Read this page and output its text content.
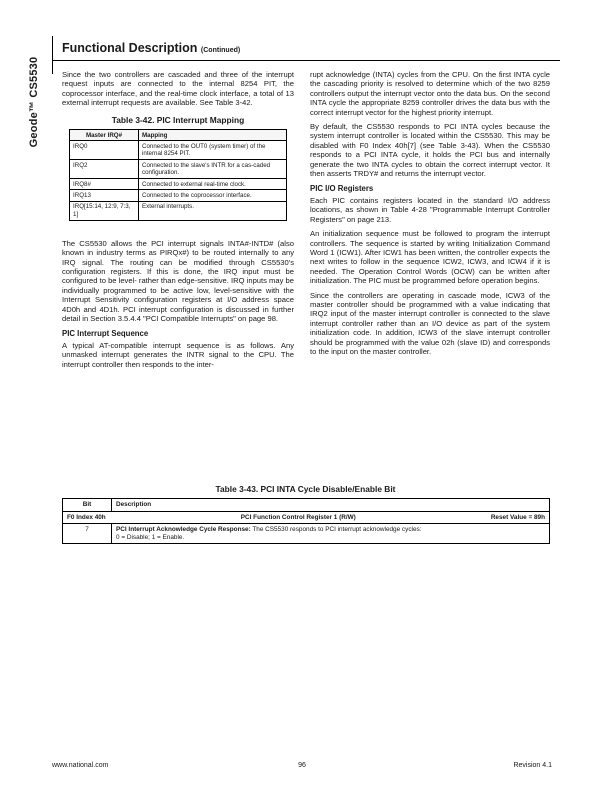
Geode™ CS5530
Functional Description (Continued)

Since the two controllers are cascaded and three of the interrupt request inputs are connected to the internal 8254 PIT, the coprocessor interface, and the real-time clock interface, a total of 13 external interrupt requests are available. See Table 3-42.

Table 3-42. PIC Interrupt Mapping
Master IRQ#	Mapping
IRQ0	Connected to the OUT0 (system timer) of the internal 8254 PIT.
IRQ2	Connected to the slave's INTR for a cas-caded configuration.
IRQ8#	Connected to external real-time clock.
IRQ13	Connected to the coprocessor interface.
IRQ[15:14, 12:9, 7:3, 1]	External interrupts.

The CS5530 allows the PCI interrupt signals INTA#-INTD# (also known in industry terms as PIRQx#) to be routed internally to any IRQ signal. The routing can be modified through CS5530's configuration registers. If this is done, the IRQ input must be configured to be level- rather than edge-sensitive. IRQ inputs may be individually programmed to be active low, level-sensitive with the Interrupt Sensitivity configuration registers at I/O address space 4D0h and 4D1h. PCI interrupt configuration is discussed in further detail in Section 3.5.4.4 "PCI Compatible Interrupts" on page 98.

PIC Interrupt Sequence

A typical AT-compatible interrupt sequence is as follows. Any unmasked interrupt generates the INTR signal to the CPU. The interrupt controller then responds to the inter-

rupt acknowledge (INTA) cycles from the CPU. On the first INTA cycle the cascading priority is resolved to determine which of the two 8259 controllers output the interrupt vector onto the data bus. On the second INTA cycle the appropriate 8259 controller drives the data bus with the correct interrupt vector for the highest priority interrupt.

By default, the CS5530 responds to PCI INTA cycles because the system interrupt controller is located within the CS5530. This may be disabled with F0 Index 40h[7] (see Table 3-43). When the CS5530 responds to a PCI INTA cycle, it holds the PCI bus and internally generate the two INTA cycles to obtain the correct interrupt vector. It then asserts TRDY# and returns the interrupt vector.

PIC I/O Registers

Each PIC contains registers located in the standard I/O address locations, as shown in Table 4-28 "Programmable Interrupt Controller Registers" on page 213.

An initialization sequence must be followed to program the interrupt controllers. The sequence is started by writing Initialization Command Word 1 (ICW1). After ICW1 has been written, the controller expects the next writes to follow in the sequence ICW2, ICW3, and ICW4 if it is needed. The Operation Control Words (OCW) can be written after initialization. The PIC must be programmed before operation begins.

Since the controllers are operating in cascade mode, ICW3 of the master controller should be programmed with a value indicating that IRQ2 input of the master interrupt controller is connected to the slave interrupt controller rather than an I/O device as part of the system initialization code. In addition, ICW3 of the slave interrupt controller should be programmed with the value 02h (slave ID) and corresponds to the input on the master controller.

Table 3-43. PCI INTA Cycle Disable/Enable Bit
Bit	Description

F0 Index 40h PCI Function Control Register 1 (R/W) Reset Value = 89h	

7	PCI Interrupt Acknowledge Cycle Response: The CS5530 responds to PCI interrupt acknowledge cycles:
0 = Disable; 1 = Enable.
www.national.com	96	Revision 4.1
